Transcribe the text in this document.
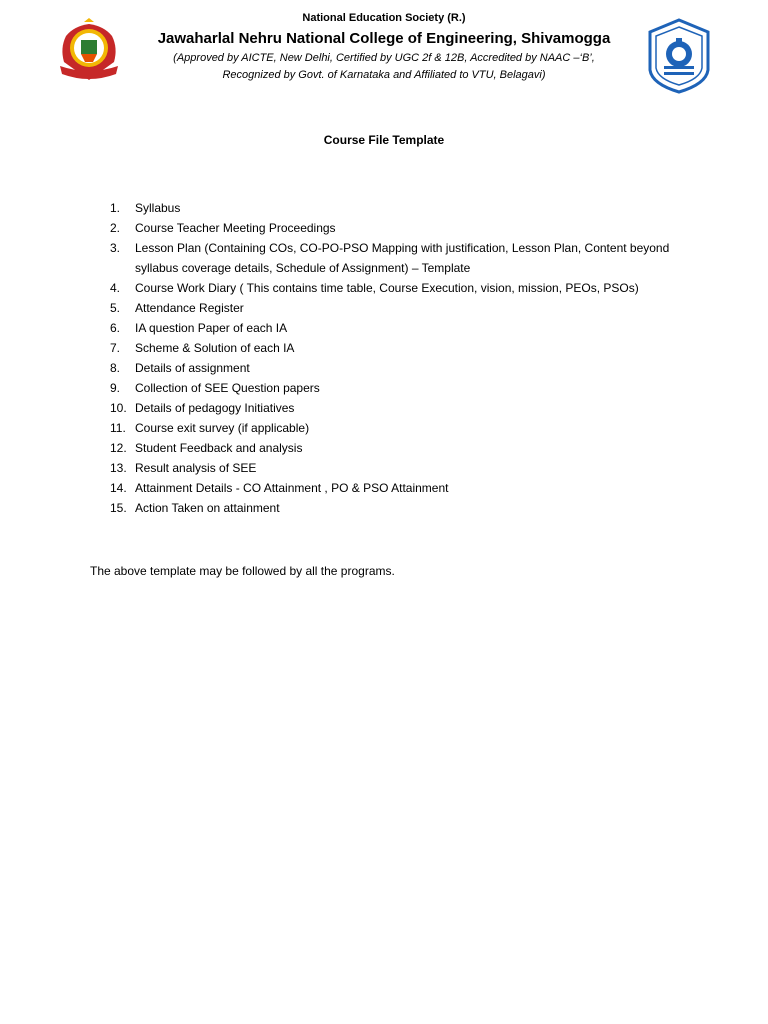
National Education Society (R.)
Jawaharlal Nehru National College of Engineering, Shivamogga
(Approved by AICTE, New Delhi, Certified by UGC 2f & 12B, Accredited by NAAC –‘B’,
Recognized by Govt. of Karnataka and Affiliated to VTU, Belagavi)
Course File Template
1.	Syllabus
2.	Course Teacher Meeting Proceedings
3.	Lesson Plan (Containing COs, CO-PO-PSO Mapping with justification, Lesson Plan, Content beyond syllabus coverage details, Schedule of Assignment) – Template
4.	Course Work Diary ( This contains time table, Course Execution, vision, mission, PEOs, PSOs)
5.	Attendance Register
6.	IA question Paper of each IA
7.	Scheme & Solution of each IA
8.	Details of assignment
9.	Collection of SEE Question papers
10. Details of pedagogy Initiatives
11. Course exit survey (if applicable)
12. Student Feedback and analysis
13. Result analysis of SEE
14. Attainment Details - CO Attainment , PO & PSO Attainment
15. Action Taken on attainment
The above template may be followed by all the programs.
